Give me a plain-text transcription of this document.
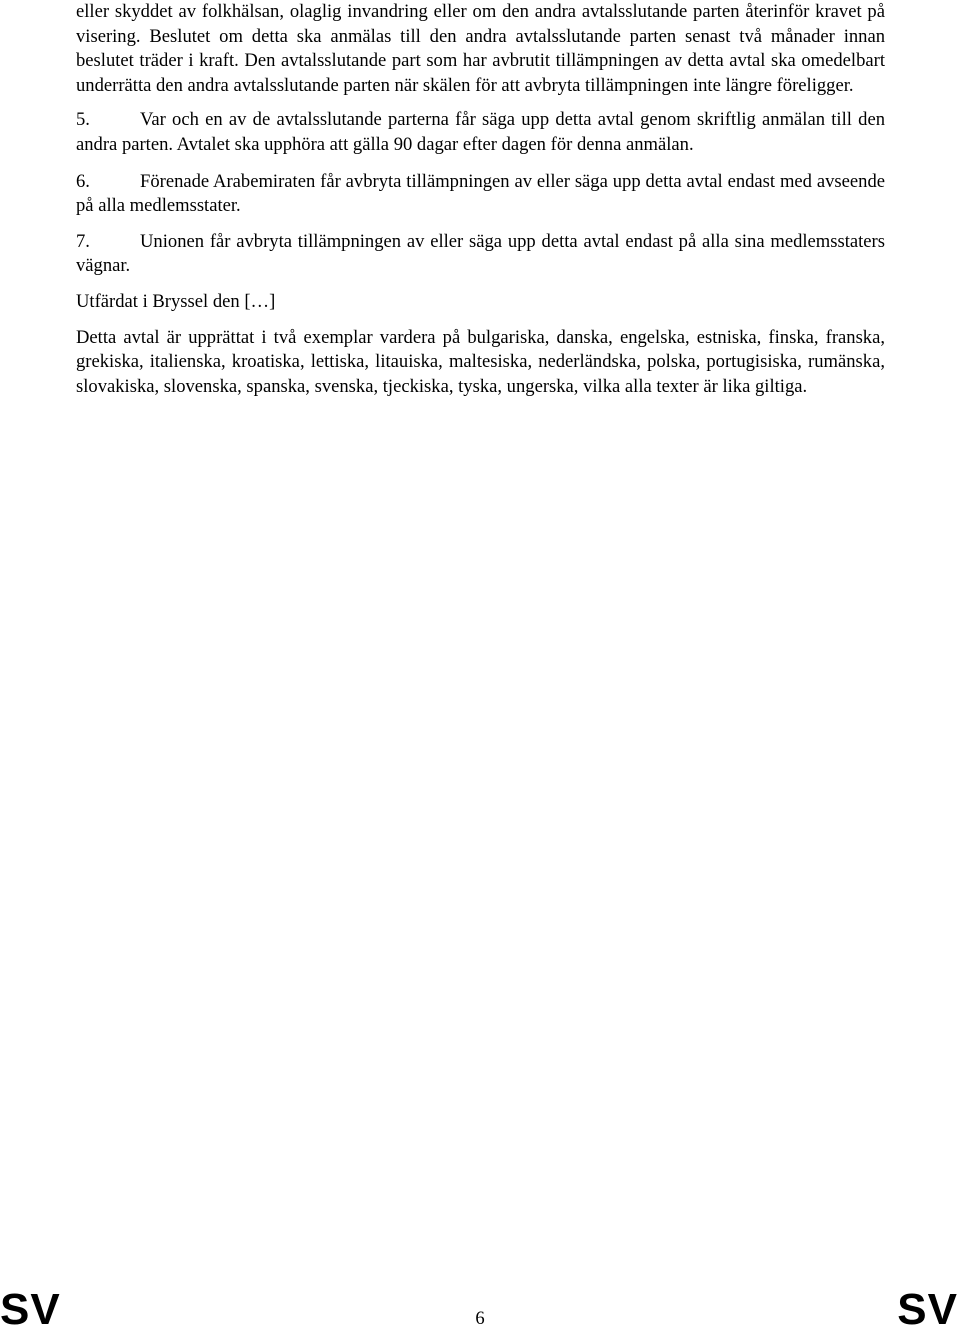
eller skyddet av folkhälsan, olaglig invandring eller om den andra avtalsslutande parten återinför kravet på visering. Beslutet om detta ska anmälas till den andra avtalsslutande parten senast två månader innan beslutet träder i kraft. Den avtalsslutande part som har avbrutit tillämpningen av detta avtal ska omedelbart underrätta den andra avtalsslutande parten när skälen för att avbryta tillämpningen inte längre föreligger.

5.	Var och en av de avtalsslutande parterna får säga upp detta avtal genom skriftlig anmälan till den andra parten. Avtalet ska upphöra att gälla 90 dagar efter dagen för denna anmälan.

6.	Förenade Arabemiraten får avbryta tillämpningen av eller säga upp detta avtal endast med avseende på alla medlemsstater.

7.	Unionen får avbryta tillämpningen av eller säga upp detta avtal endast på alla sina medlemsstaters vägnar.

Utfärdat i Bryssel den […]

Detta avtal är upprättat i två exemplar vardera på bulgariska, danska, engelska, estniska, finska, franska, grekiska, italienska, kroatiska, lettiska, litauiska, maltesiska, nederländska, polska, portugisiska, rumänska, slovakiska, slovenska, spanska, svenska, tjeckiska, tyska, ungerska, vilka alla texter är lika giltiga.

SV	6	SV
